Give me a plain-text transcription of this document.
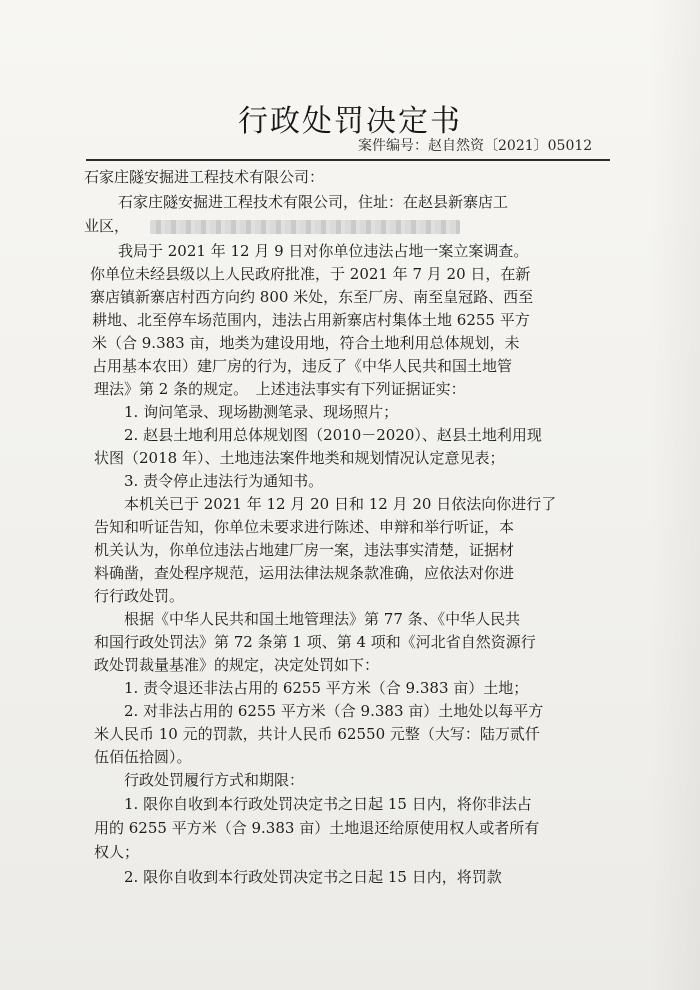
行政处罚决定书
案件编号：赵自然资〔2021〕05012
石家庄隧安掘进工程技术有限公司：
石家庄隧安掘进工程技术有限公司，住址：在赵县新寨店工
业区，
我局于 2021 年 12 月 9 日对你单位违法占地一案立案调查。
你单位未经县级以上人民政府批准，于 2021 年 7 月 20 日，在新
寨店镇新寨店村西方向约 800 米处，东至厂房、南至皇冠路、西至
耕地、北至停车场范围内，违法占用新寨店村集体土地 6255 平方
米（合 9.383 亩，地类为建设用地，符合土地利用总体规划，未
占用基本农田）建厂房的行为，违反了《中华人民共和国土地管
理法》第 2 条的规定。　上述违法事实有下列证据证实：
1. 询问笔录、现场勘测笔录、现场照片；
2. 赵县土地利用总体规划图（2010－2020）、赵县土地利用现
状图（2018 年）、土地违法案件地类和规划情况认定意见表；
3. 责令停止违法行为通知书。
本机关已于 2021 年 12 月 20 日和 12 月 20 日依法向你进行了
告知和听证告知，你单位未要求进行陈述、申辩和举行听证，本
机关认为，你单位违法占地建厂房一案，违法事实清楚，证据材
料确凿，查处程序规范，运用法律法规条款准确，应依法对你进
行行政处罚。
根据《中华人民共和国土地管理法》第 77 条、《中华人民共
和国行政处罚法》第 72 条第 1 项、第 4 项和《河北省自然资源行
政处罚裁量基准》的规定，决定处罚如下：
1. 责令退还非法占用的 6255 平方米（合 9.383 亩）土地；
2. 对非法占用的 6255 平方米（合 9.383 亩）土地处以每平方
米人民币 10 元的罚款，共计人民币 62550 元整（大写：陆万贰仟
伍佰伍拾圆）。
行政处罚履行方式和期限：
1. 限你自收到本行政处罚决定书之日起 15 日内，将你非法占
用的 6255 平方米（合 9.383 亩）土地退还给原使用权人或者所有
权人；
2. 限你自收到本行政处罚决定书之日起 15 日内，将罚款
